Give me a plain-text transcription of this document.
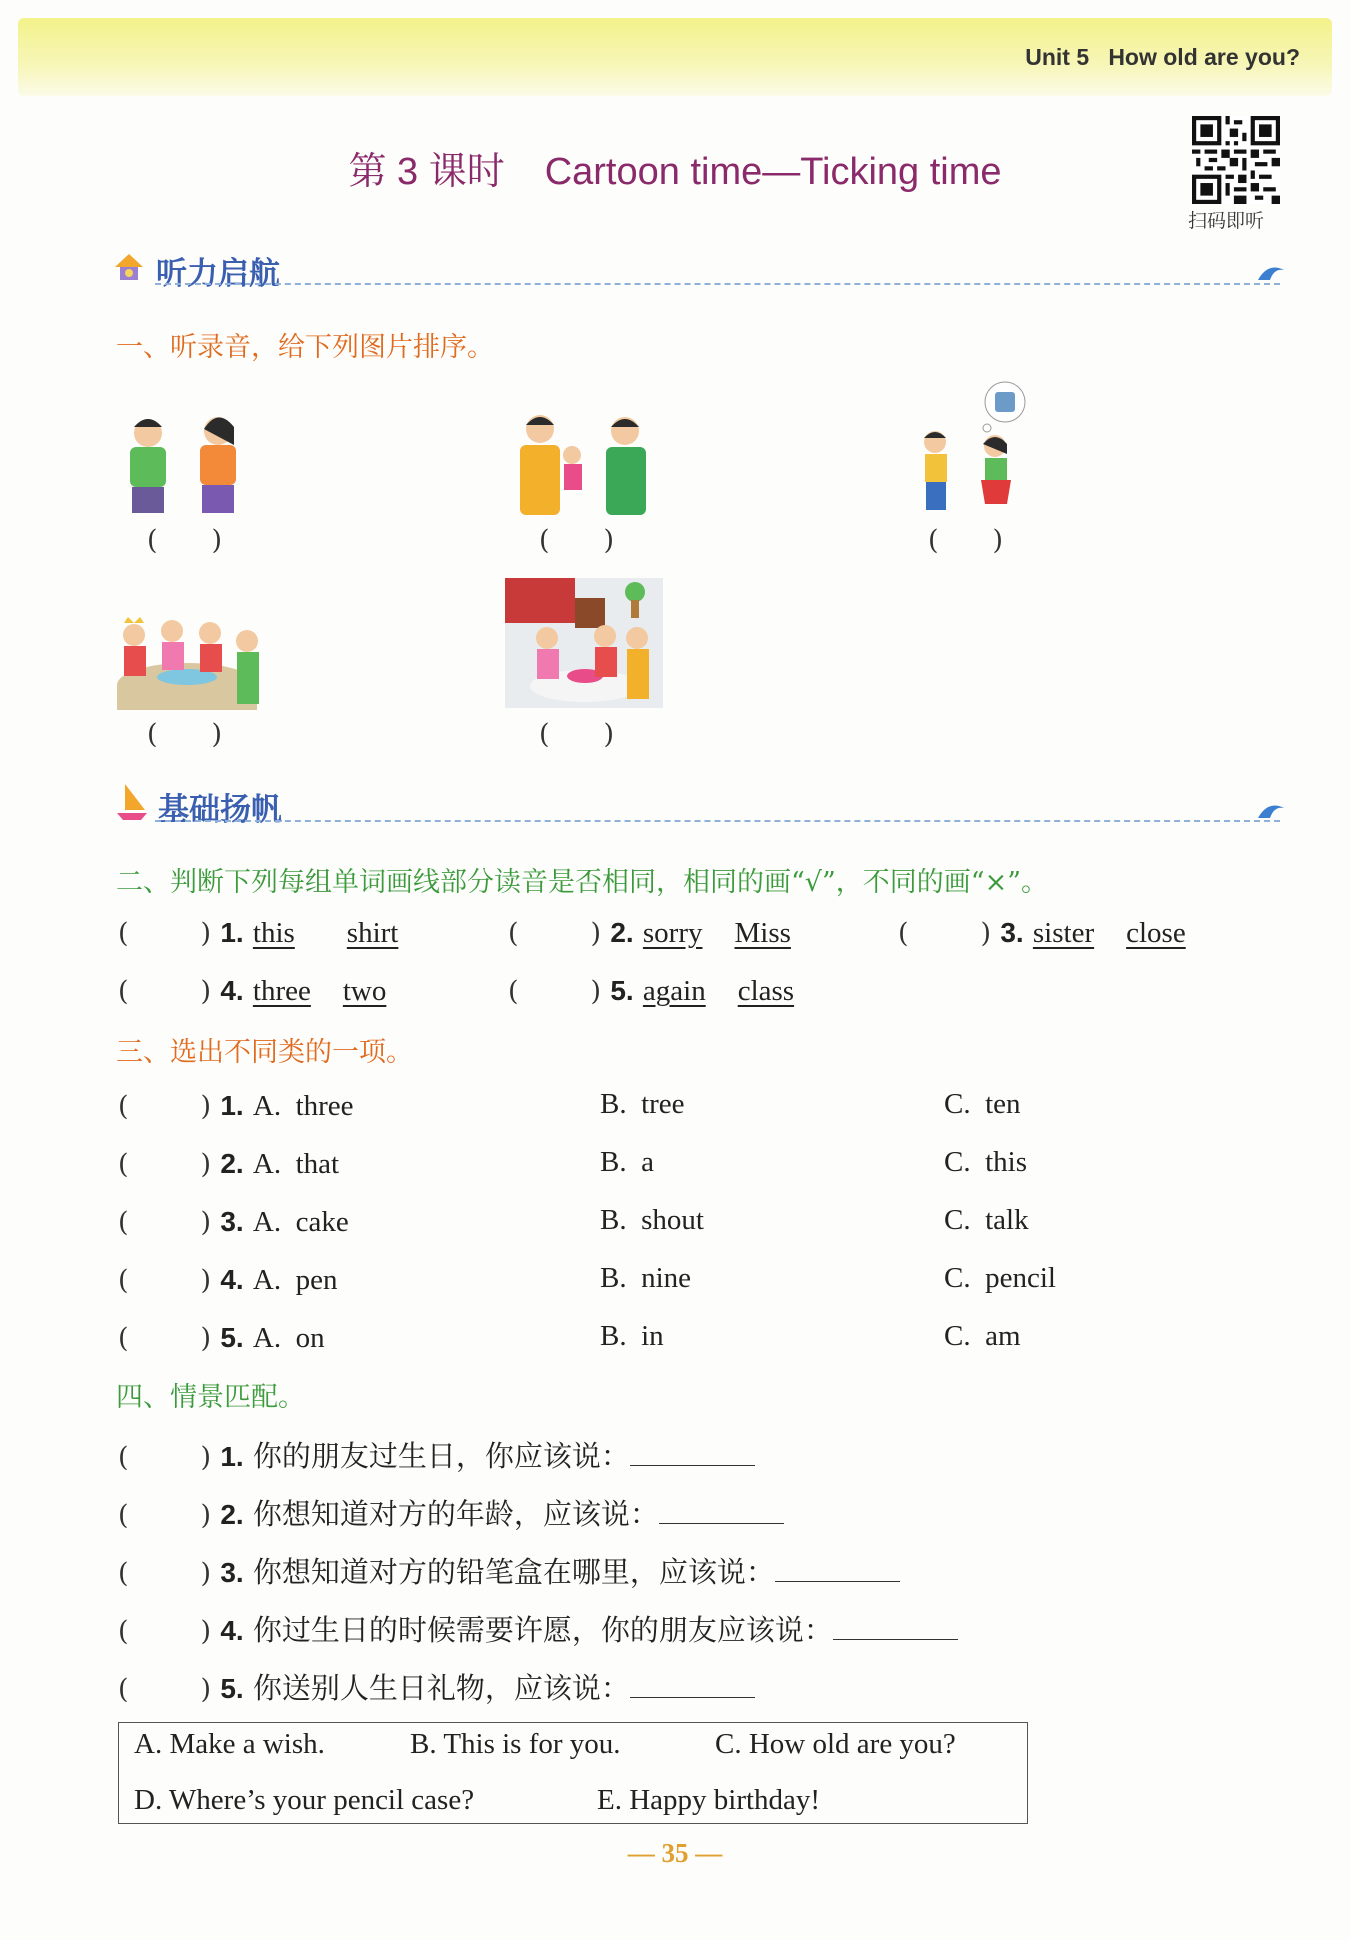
Unit 5 How old are you?
第 3 课时 Cartoon time—Ticking time
扫码即听
听力启航
一、听录音，给下列图片排序。
(　　)	(　　)	(　　)
(　　)	(　　)
基础扬帆
二、判断下列每组单词画线部分读音是否相同，相同的画“√”，不同的画“×”。
(	) 1. this shirt	(	) 2. sorry Miss	(	) 3. sister close
(	) 4. three two	(	) 5. again class
三、选出不同类的一项。
(	) 1. A. three	B. tree	C. ten
(	) 2. A. that	B. a	C. this
(	) 3. A. cake	B. shout	C. talk
(	) 4. A. pen	B. nine	C. pencil
(	) 5. A. on	B. in	C. am
四、情景匹配。
(	) 1. 你的朋友过生日，你应该说：
(	) 2. 你想知道对方的年龄，应该说：
(	) 3. 你想知道对方的铅笔盒在哪里，应该说：
(	) 4. 你过生日的时候需要许愿，你的朋友应该说：
(	) 5. 你送别人生日礼物，应该说：
A. Make a wish.	B. This is for you.	C. How old are you?
D. Where’s your pencil case?	E. Happy birthday!
— 35 —
